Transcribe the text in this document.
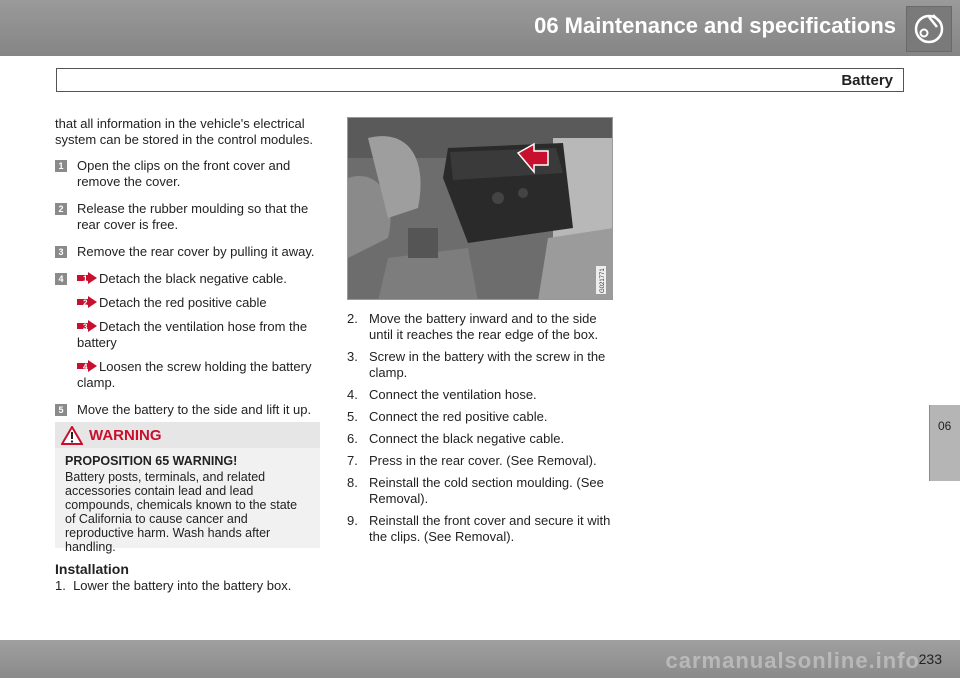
06 Maintenance and specifications
Battery

that all information in the vehicle's electrical system can be stored in the control modules.

1 Open the clips on the front cover and remove the cover.
2 Release the rubber moulding so that the rear cover is free.
3 Remove the rear cover by pulling it away.
4	1 Detach the black negative cable.
2 Detach the red positive cable
3 Detach the ventilation hose from the battery
4 Loosen the screw holding the battery clamp.
5 Move the battery to the side and lift it up.
WARNING
PROPOSITION 65 WARNING!
Battery posts, terminals, and related accessories contain lead and lead compounds, chemicals known to the state of California to cause cancer and reproductive harm. Wash hands after handling.
Installation
1. Lower the battery into the battery box.
G021771
2. Move the battery inward and to the side until it reaches the rear edge of the box.
3. Screw in the battery with the screw in the clamp.
4. Connect the ventilation hose.
5. Connect the red positive cable.
6. Connect the black negative cable.
7. Press in the rear cover. (See Removal).
8. Reinstall the cold section moulding. (See Removal).
9. Reinstall the front cover and secure it with the clips. (See Removal).
06
carmanualsonline.info
233
